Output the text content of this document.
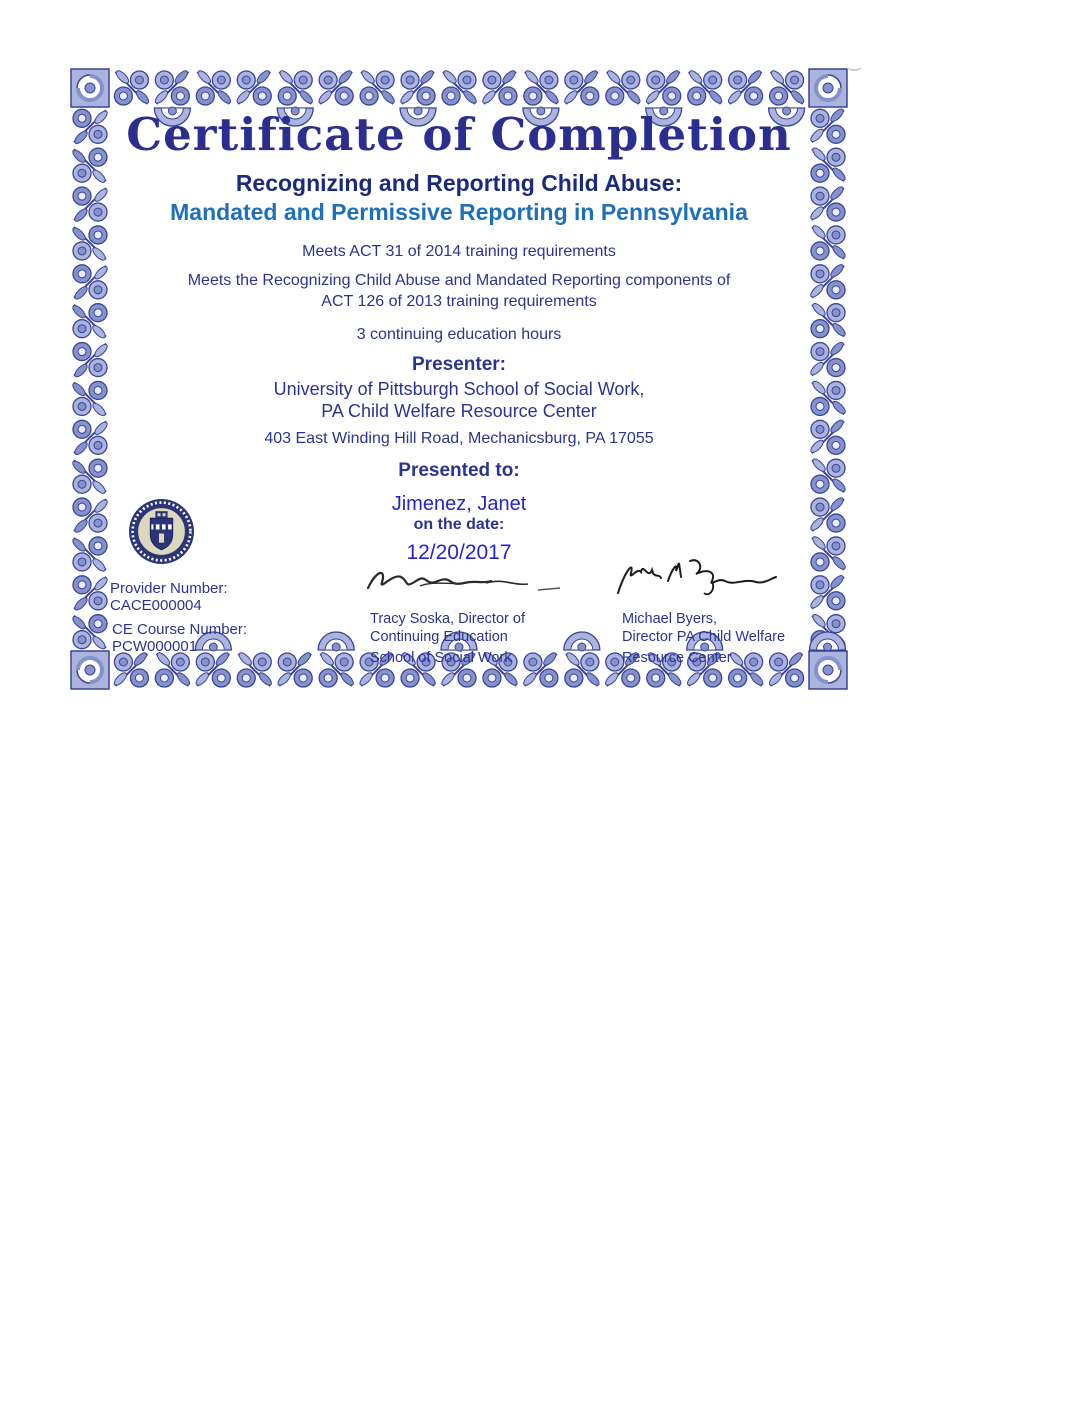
Certificate of Completion
Recognizing and Reporting Child Abuse:
Mandated and Permissive Reporting in Pennsylvania
Meets ACT 31 of 2014 training requirements
Meets the Recognizing Child Abuse and Mandated Reporting components of
ACT 126 of 2013 training requirements
3 continuing education hours
Presenter:
University of Pittsburgh School of Social Work,
PA Child Welfare Resource Center
403 East Winding Hill Road, Mechanicsburg, PA 17055
Presented to:
Jimenez, Janet
on the date:
12/20/2017
Provider Number:
CACE000004
CE Course Number:
PCW000001
Tracy Soska, Director of
Continuing Education
School of Social Work
Michael Byers,
Director PA Child Welfare
Resource Center
